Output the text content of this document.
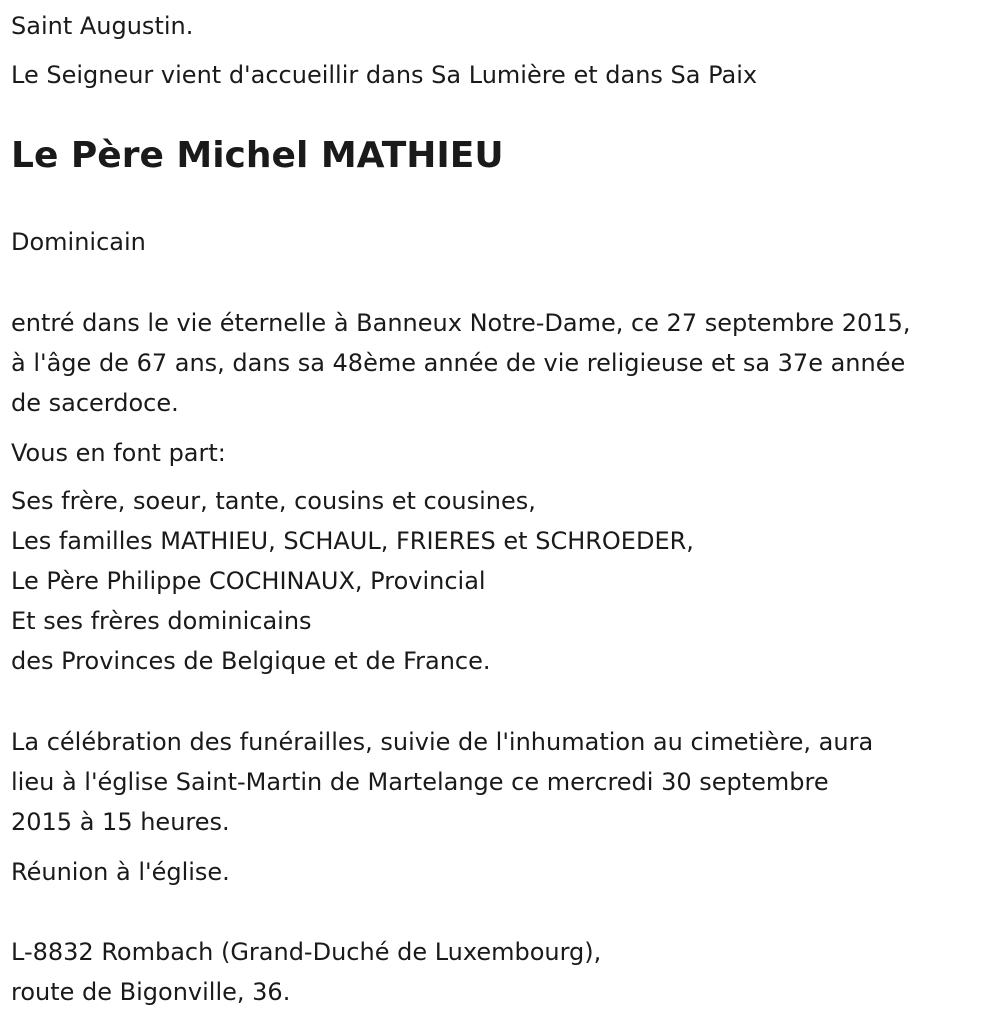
Saint Augustin.
Le Seigneur vient d'accueillir dans Sa Lumière et dans Sa Paix
Le Père Michel MATHIEU
Dominicain
entré dans le vie éternelle à Banneux Notre-Dame, ce 27 septembre 2015,
à l'âge de 67 ans, dans sa 48ème année de vie religieuse et sa 37e année
de sacerdoce.
Vous en font part:
Ses frère, soeur, tante, cousins et cousines,
Les familles MATHIEU, SCHAUL, FRIERES et SCHROEDER,
Le Père Philippe COCHINAUX, Provincial
Et ses frères dominicains
des Provinces de Belgique et de France.
La célébration des funérailles, suivie de l'inhumation au cimetière, aura
lieu à l'église Saint-Martin de Martelange ce mercredi 30 septembre
2015 à 15 heures.
Réunion à l'église.
L-8832 Rombach (Grand-Duché de Luxembourg),
route de Bigonville, 36.
